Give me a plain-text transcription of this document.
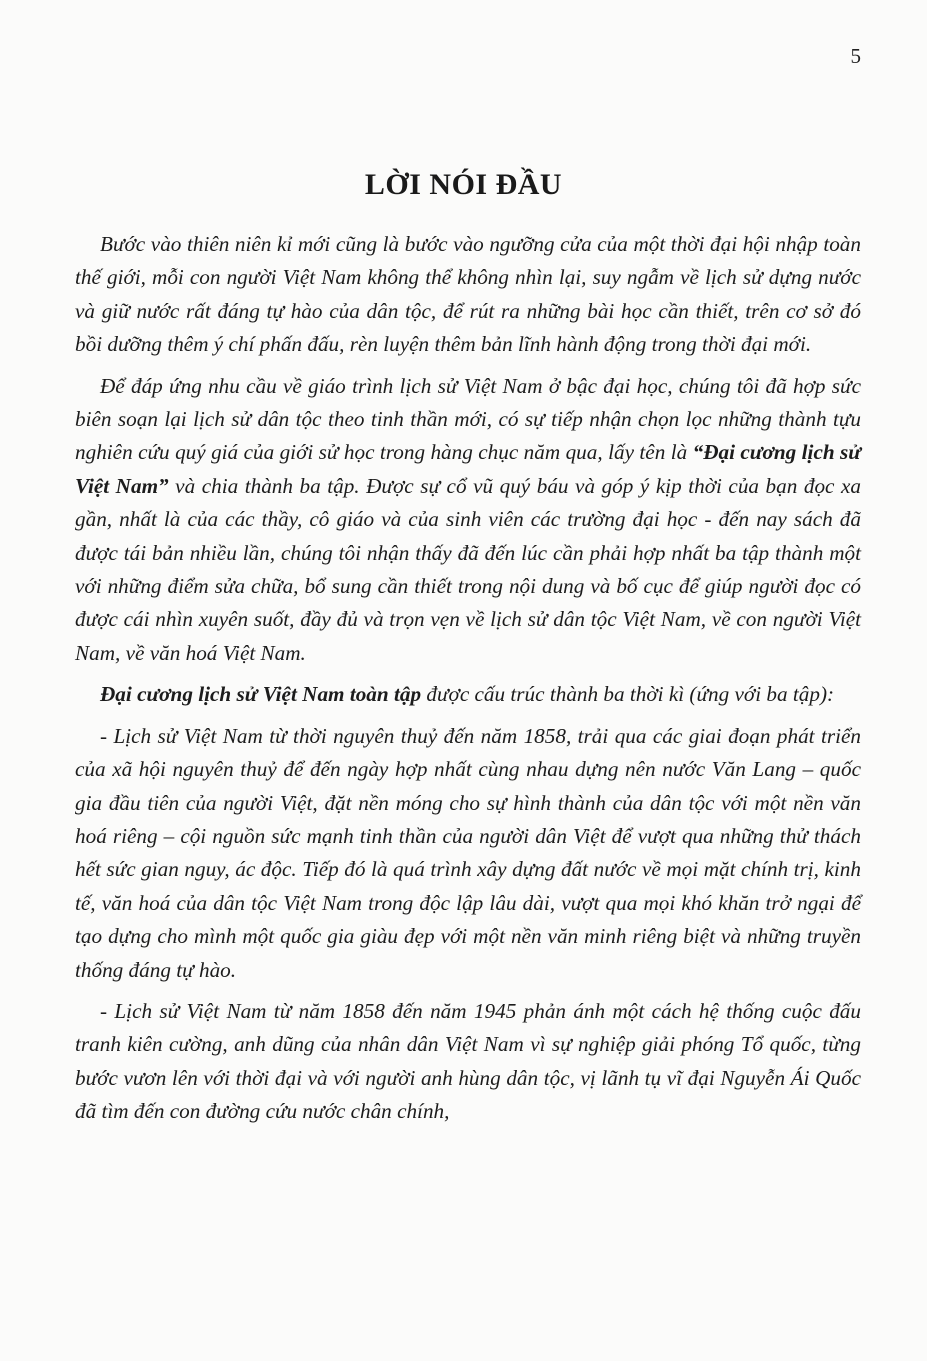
5
LỜI NÓI ĐẦU

Bước vào thiên niên kỉ mới cũng là bước vào ngưỡng cửa của một thời đại hội nhập toàn thế giới, mỗi con người Việt Nam không thể không nhìn lại, suy ngẫm về lịch sử dựng nước và giữ nước rất đáng tự hào của dân tộc, để rút ra những bài học cần thiết, trên cơ sở đó bồi dưỡng thêm ý chí phấn đấu, rèn luyện thêm bản lĩnh hành động trong thời đại mới.

Để đáp ứng nhu cầu về giáo trình lịch sử Việt Nam ở bậc đại học, chúng tôi đã hợp sức biên soạn lại lịch sử dân tộc theo tinh thần mới, có sự tiếp nhận chọn lọc những thành tựu nghiên cứu quý giá của giới sử học trong hàng chục năm qua, lấy tên là “Đại cương lịch sử Việt Nam” và chia thành ba tập. Được sự cổ vũ quý báu và góp ý kịp thời của bạn đọc xa gần, nhất là của các thầy, cô giáo và của sinh viên các trường đại học - đến nay sách đã được tái bản nhiều lần, chúng tôi nhận thấy đã đến lúc cần phải hợp nhất ba tập thành một với những điểm sửa chữa, bổ sung cần thiết trong nội dung và bố cục để giúp người đọc có được cái nhìn xuyên suốt, đầy đủ và trọn vẹn về lịch sử dân tộc Việt Nam, về con người Việt Nam, về văn hoá Việt Nam.

Đại cương lịch sử Việt Nam toàn tập được cấu trúc thành ba thời kì (ứng với ba tập):

- Lịch sử Việt Nam từ thời nguyên thuỷ đến năm 1858, trải qua các giai đoạn phát triển của xã hội nguyên thuỷ để đến ngày hợp nhất cùng nhau dựng nên nước Văn Lang – quốc gia đầu tiên của người Việt, đặt nền móng cho sự hình thành của dân tộc với một nền văn hoá riêng – cội nguồn sức mạnh tinh thần của người dân Việt để vượt qua những thử thách hết sức gian nguy, ác độc. Tiếp đó là quá trình xây dựng đất nước về mọi mặt chính trị, kinh tế, văn hoá của dân tộc Việt Nam trong độc lập lâu dài, vượt qua mọi khó khăn trở ngại để tạo dựng cho mình một quốc gia giàu đẹp với một nền văn minh riêng biệt và những truyền thống đáng tự hào.

- Lịch sử Việt Nam từ năm 1858 đến năm 1945 phản ánh một cách hệ thống cuộc đấu tranh kiên cường, anh dũng của nhân dân Việt Nam vì sự nghiệp giải phóng Tổ quốc, từng bước vươn lên với thời đại và với người anh hùng dân tộc, vị lãnh tụ vĩ đại Nguyễn Ái Quốc đã tìm đến con đường cứu nước chân chính,
